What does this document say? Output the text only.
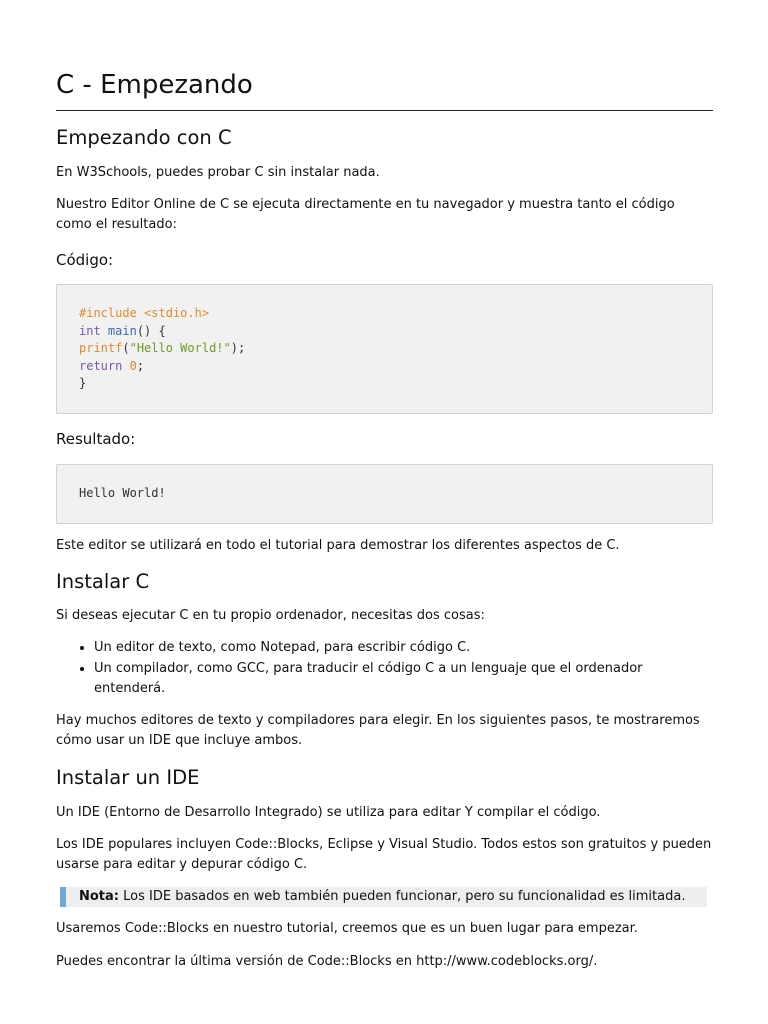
C - Empezando
Empezando con C

En W3Schools, puedes probar C sin instalar nada.

Nuestro Editor Online de C se ejecuta directamente en tu navegador y muestra tanto el código como el resultado:

Código:
#include <stdio.h>
int main() {
printf("Hello World!");
return 0;
}
Resultado:
Hello World!

Este editor se utilizará en todo el tutorial para demostrar los diferentes aspectos de C.

Instalar C

Si deseas ejecutar C en tu propio ordenador, necesitas dos cosas:

• Un editor de texto, como Notepad, para escribir código C.
• Un compilador, como GCC, para traducir el código C a un lenguaje que el ordenador entenderá.

Hay muchos editores de texto y compiladores para elegir. En los siguientes pasos, te mostraremos cómo usar un IDE que incluye ambos.

Instalar un IDE

Un IDE (Entorno de Desarrollo Integrado) se utiliza para editar Y compilar el código.

Los IDE populares incluyen Code::Blocks, Eclipse y Visual Studio. Todos estos son gratuitos y pueden usarse para editar y depurar código C.

Nota: Los IDE basados en web también pueden funcionar, pero su funcionalidad es limitada.

Usaremos Code::Blocks en nuestro tutorial, creemos que es un buen lugar para empezar.

Puedes encontrar la última versión de Code::Blocks en http://www.codeblocks.org/.
